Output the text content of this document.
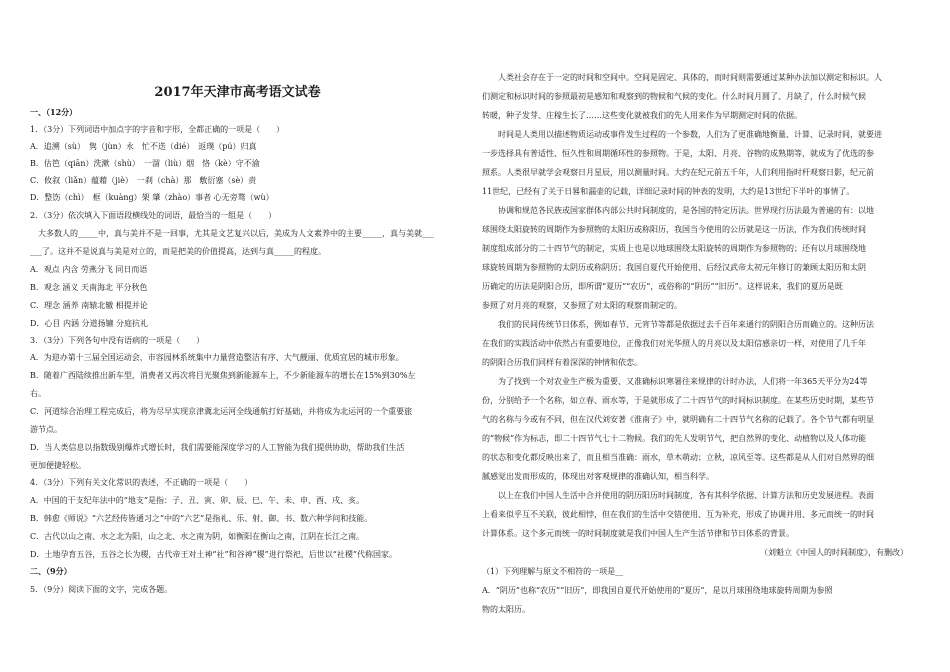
2017年天津市高考语文试卷
一、（12分）
1．（3分）下列词语中加点字的字音和字形，全都正确的一项是（　　）
A．追溯（sù）　隽（jùn）永　忙不迭（dié）　返璞（pú）归真
B．估笆（qiān）洗漱（shù）　一溜（liù）烟　恪（kè）守不渝
C．攸叙（liǎn）蕴藉（jiè）　一刹（chà）那　敷衍塞（sè）责
D．整饬（chì）　框（kuàng）架 肇（zhào）事者 心无旁骛（wù）
2．（3分）依次填入下面语段横线处的词语，最恰当的一组是（　　）
　大多数人的_____中，真与美并不是一回事，尤其是文艺复兴以后，美成为人文素养中的主要_____，真与美就___
___了。这并不是说真与美是对立的，而是把美的价值提高，达到与真_____的程度。
A．观点 内含 劳燕分飞 同日而语
B．观念 涵义 天南海北 平分秋色
C．理念 涵养 南辕北辙 相提并论
D．心目 内涵 分道扬镳 分庭抗礼
3．（3分）下列各句中没有语病的一项是（　　）
A．为迎办第十三届全国运动会，市容园林系统集中力量营造整洁有序、大气靓丽、优质宜居的城市形象。
B．随着广西陆续推出新车型，消费者又再次将目光聚焦到新能源车上，不少新能源车的增长在15%到30%左
右。
C．河道综合治理工程完成后，将为尽早实现京津冀北运河全线通航打好基础，并将成为北运河的一个重要旅
游节点。
D．当人类信息以指数级别爆炸式增长时，我们需要能深度学习的人工智能为我们提供协助，帮助我们生活
更加便捷轻松。
4．（3分）下列有关文化常识的表述，不正确的一项是（　　）
A．中国的干支纪年法中的“地支”是指：子、丑、寅、卯、辰、巳、午、未、申、酉、戌、亥。
B．韩愈《师说》“六艺经传皆通习之”中的“六艺”是指礼、乐、射、御、书、数六种学问和技能。
C．古代以山之南、水之北为阳，山之北、水之南为阴，如衡阳在衡山之南，江阴在长江之南。
D．土地孕育五谷，五谷之长为稷，古代帝王对土神“社”和谷神“稷”进行祭祀，后世以“社稷”代称国家。
二、（9分）
5．（9分）阅读下面的文字，完成各题。
　　人类社会存在于一定的时间和空间中。空间是固定、具体的，而时间则需要通过某种办法加以测定和标识。人
们测定和标识时间的参照最初是感知和观察到的物候和气候的变化。什么时间月圆了、月缺了，什么时候气候
转暖，种子发芽、庄稼生长了……这些变化就被我们的先人用来作为早期测定时间的依据。
　　时间是人类用以描述物质运动或事件发生过程的一个参数，人们为了更准确地衡量、计算、记录时间，就要进
一步选择具有普适性、恒久性和周期循环性的参照物。于是，太阳、月亮、谷物的成熟期等，就成为了优选的参
照系。人类很早就学会观察日月星辰，用以测量时间。大约在纪元前五千年，人们利用指时杆观察日影，纪元前
11世纪，已经有了关于日晷和漏壶的记载，详细记录时间的钟表的发明，大约是13世纪下半叶的事情了。
　　协调和规范各民族或国家群体内部公共时间制度的，是各国的特定历法。世界现行历法最为普遍的有：以地
球围绕太阳旋转的周期作为参照物的太阳历或称阳历，我国当今使用的公历就是这一历法，作为我们传统时间
制度组成部分的二十四节气的制定，实质上也是以地球围绕太阳旋转的周期作为参照物的；还有以月球围绕地
球旋转周期为参照物的太阴历或称阴历；我国自夏代开始使用、后经汉武帝太初元年修订的兼顾太阳历和太阴
历确定的历法是阴阳合历，即所谓“夏历”“农历”，或俗称的“阴历”“旧历”。这样说来，我们的夏历是既
参照了对月亮的观察，又参照了对太阳的观察而制定的。
　　我们的民间传统节日体系，例如春节、元宵节等都是依据过去千百年来通行的阴阳合历而确立的。这种历法
在我们的实践活动中依然占有重要地位，正像我们对光华照人的月亮以及太阳信感亲切一样，对使用了几千年
的阴阳合历我们同样有着深深的钟情和依恋。
　　为了找到一个对农业生产极为重要、又准确标识寒暑往来规律的计时办法，人们将一年365天平分为24等
份，分别给予一个名称，如立春、雨水等，于是就形成了二十四节气的时间标识制度。在某些历史时期，某些节
气的名称与今或有不同，但在汉代刘安著《淮南子》中，就明确有二十四节气名称的记载了。各个节气都有明显
的“物候”作为标志，即二十四节气七十二物候。我们的先人发明节气，把自然界的变化、动植物以及人体功能
的状态和变化都反映出来了，而且相当准确：雨水，草木萌动；立秋，凉风至等。这些都是从人们对自然界的细
腻感觉出发而形成的，体现出对客观规律的准确认知，相当科学。
　　以上在我们中国人生活中合并使用的阴历阳历时间制度，各有其科学依据、计算方法和历史发展进程。表面
上看来似乎互不关联，彼此相悖，但在我们的生活中交错使用、互为补充，形成了协调并用、多元而统一的时间
计算体系。这个多元而统一的时间制度就是我们中国人生产生活节律和节日体系的背景。
（刘魁立《中国人的时间制度》，有删改）
（1）下列理解与原文不相符的一项是__
A．“阴历”也称“农历”“旧历”，即我国自夏代开始使用的“夏历”，是以月球围绕地球旋转周期为参照
物的太阳历。
